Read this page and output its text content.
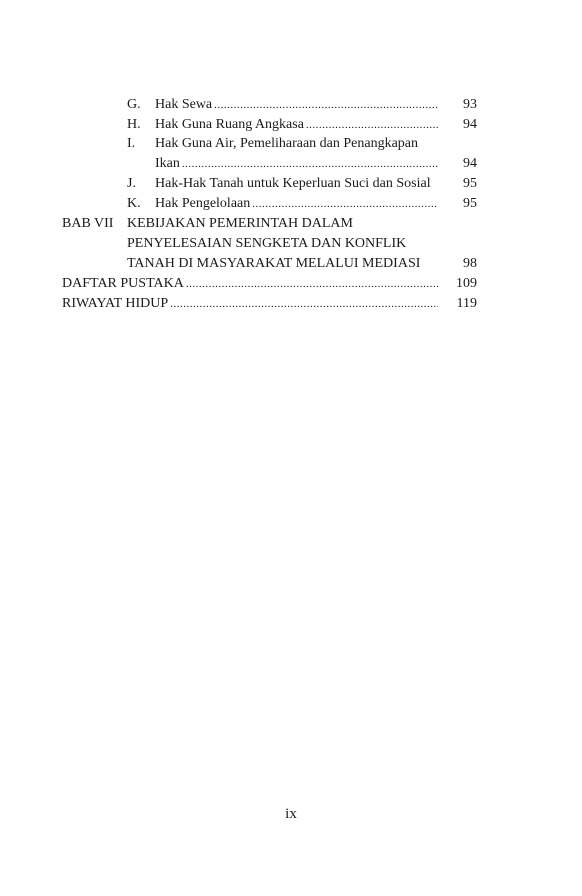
G.	Hak Sewa .....	93
H.	Hak Guna Ruang Angkasa .....	94
I.	Hak Guna Air, Pemeliharaan dan Penangkapan
Ikan .....	94
J.	Hak-Hak Tanah untuk Keperluan Suci dan Sosial	95
K.	Hak Pengelolaan .....	95
BAB VII KEBIJAKAN PEMERINTAH DALAM
PENYELESAIAN SENGKETA DAN KONFLIK
TANAH DI MASYARAKAT MELALUI MEDIASI	98
DAFTAR PUSTAKA .....	109
RIWAYAT HIDUP .....	119
ix
